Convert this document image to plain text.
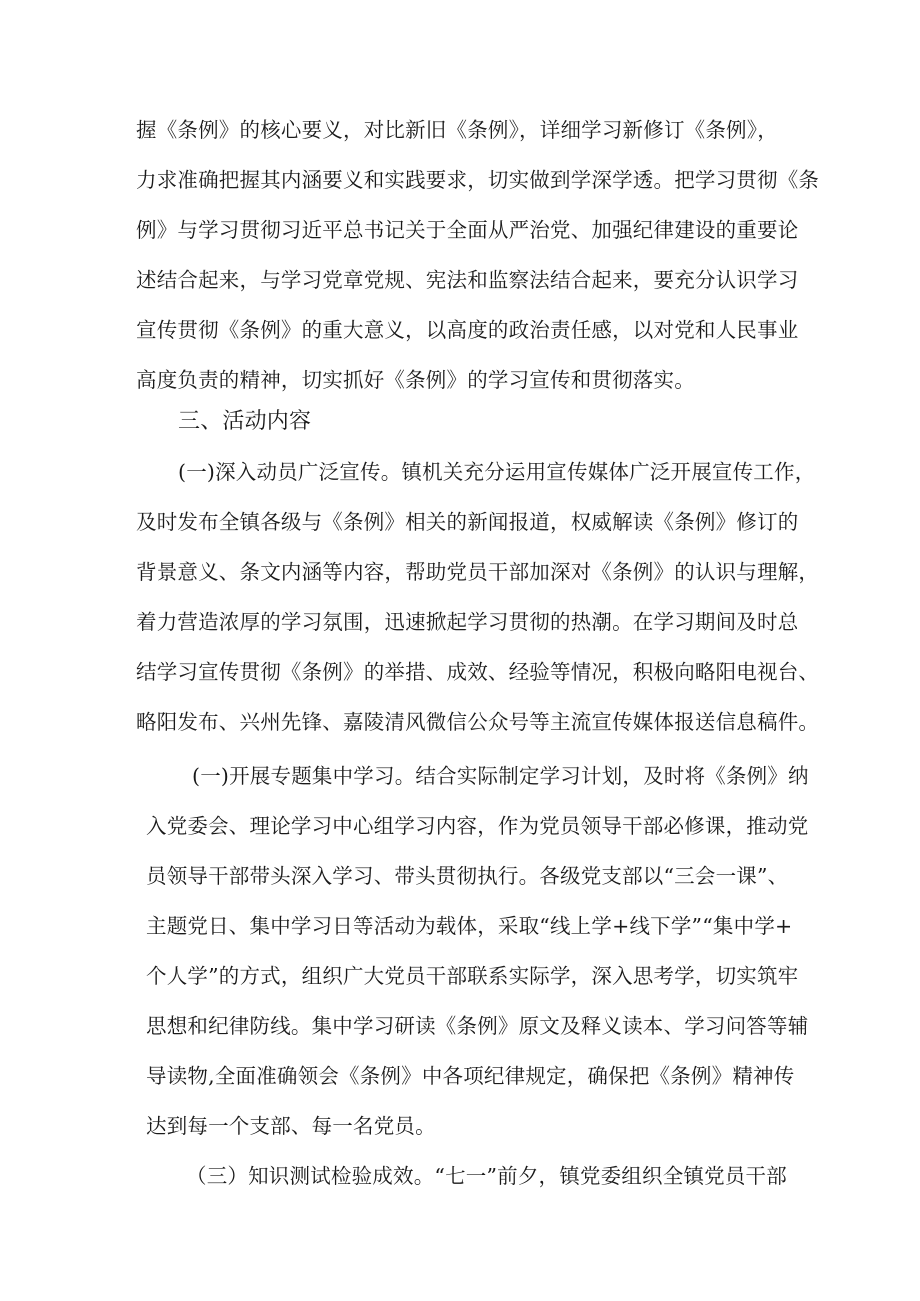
握《条例》的核心要义，对比新旧《条例》，详细学习新修订《条例》，
力求准确把握其内涵要义和实践要求，切实做到学深学透。把学习贯彻《条
例》与学习贯彻习近平总书记关于全面从严治党、加强纪律建设的重要论
述结合起来，与学习党章党规、宪法和监察法结合起来，要充分认识学习
宣传贯彻《条例》的重大意义，以高度的政治责任感，以对党和人民事业
高度负责的精神，切实抓好《条例》的学习宣传和贯彻落实。
三、活动内容
(一)深入动员广泛宣传。镇机关充分运用宣传媒体广泛开展宣传工作，
及时发布全镇各级与《条例》相关的新闻报道，权威解读《条例》修订的
背景意义、条文内涵等内容，帮助党员干部加深对《条例》的认识与理解，
着力营造浓厚的学习氛围，迅速掀起学习贯彻的热潮。在学习期间及时总
结学习宣传贯彻《条例》的举措、成效、经验等情况，积极向略阳电视台、
略阳发布、兴州先锋、嘉陵清风微信公众号等主流宣传媒体报送信息稿件。
(一)开展专题集中学习。结合实际制定学习计划，及时将《条例》纳
入党委会、理论学习中心组学习内容，作为党员领导干部必修课，推动党
员领导干部带头深入学习、带头贯彻执行。各级党支部以“三会一课”、
主题党日、集中学习日等活动为载体，采取“线上学+线下学”“集中学+
个人学”的方式，组织广大党员干部联系实际学，深入思考学，切实筑牢
思想和纪律防线。集中学习研读《条例》原文及释义读本、学习问答等辅
导读物,全面准确领会《条例》中各项纪律规定，确保把《条例》精神传
达到每一个支部、每一名党员。
（三）知识测试检验成效。“七一”前夕，镇党委组织全镇党员干部
